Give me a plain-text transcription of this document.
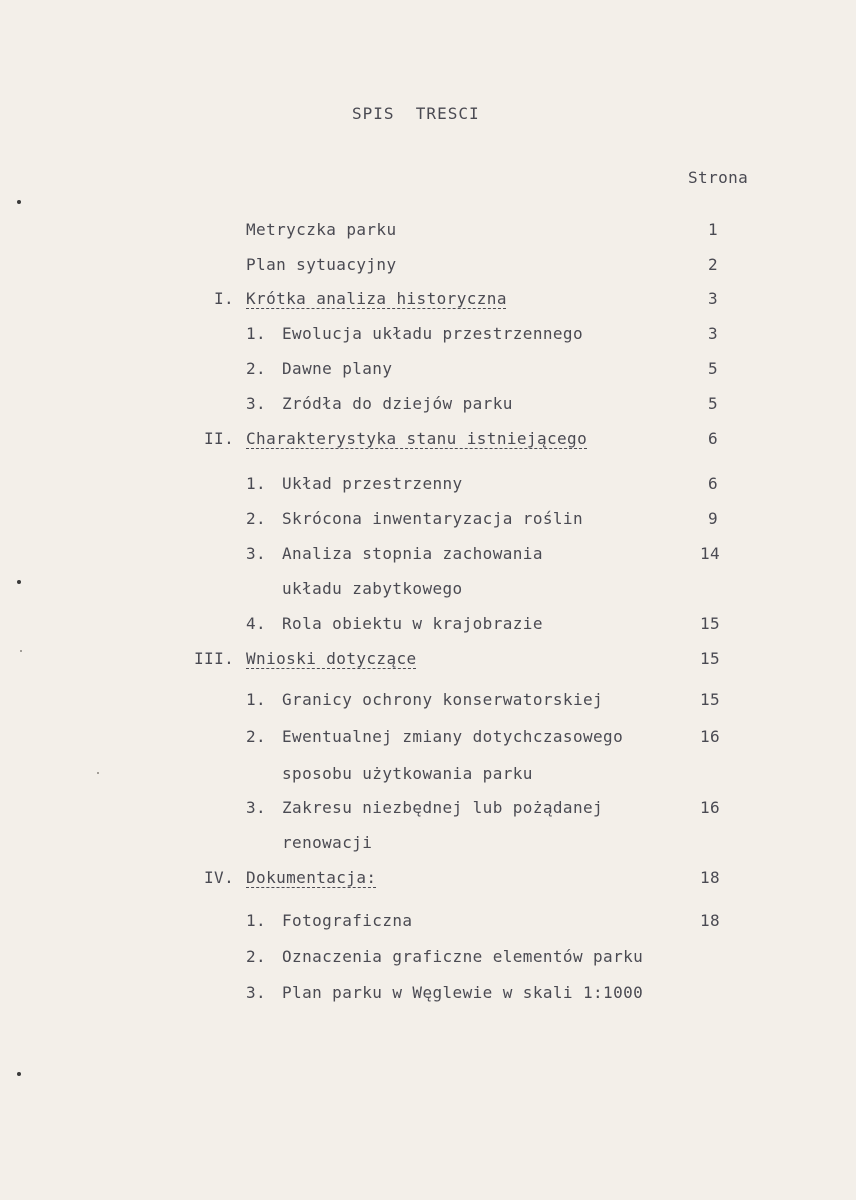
SPIS  TRESCI
Strona
Metryczka parku	1
Plan sytuacyjny	2
I. Krótka analiza historyczna	3
1. Ewolucja układu przestrzennego	3
2. Dawne plany	5
3. Zródła do dziejów parku	5
II. Charakterystyka stanu istniejącego	6
1. Układ przestrzenny	6
2. Skrócona inwentaryzacja roślin	9
3. Analiza stopnia zachowania	14
układu zabytkowego
4. Rola obiektu w krajobrazie	15
III. Wnioski dotyczące	15
1. Granicy ochrony konserwatorskiej	15
2. Ewentualnej zmiany dotychczasowego	16
sposobu użytkowania parku
3. Zakresu niezbędnej lub pożądanej	16
renowacji
IV. Dokumentacja:	18
1. Fotograficzna	18
2. Oznaczenia graficzne elementów parku
3. Plan parku w Węglewie w skali 1:1000
